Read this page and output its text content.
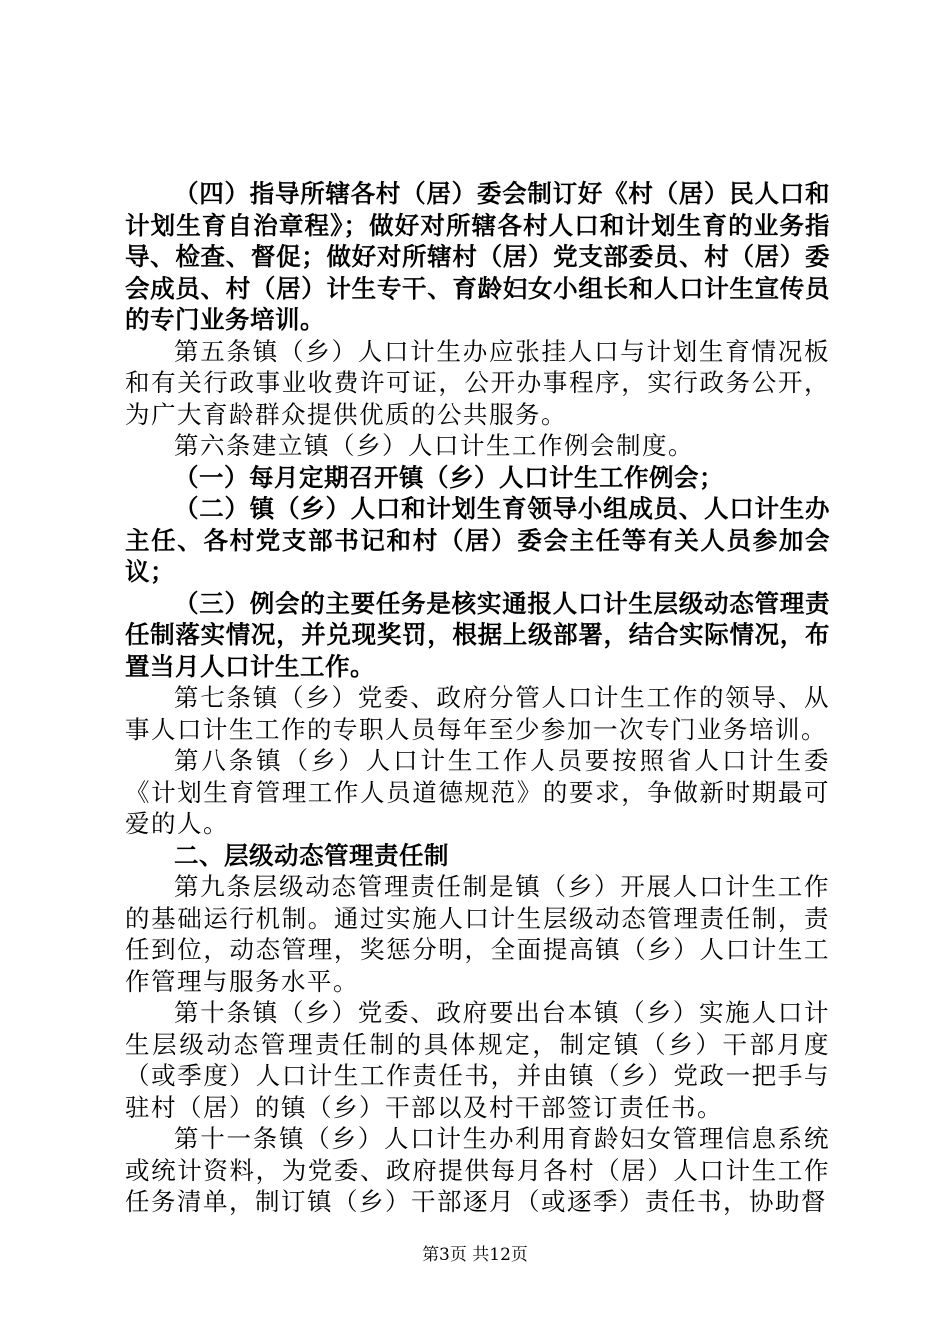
（四）指导所辖各村（居）委会制订好《村（居）民人口和计划生育自治章程》；做好对所辖各村人口和计划生育的业务指导、检查、督促；做好对所辖村（居）党支部委员、村（居）委会成员、村（居）计生专干、育龄妇女小组长和人口计生宣传员的专门业务培训。

第五条镇（乡）人口计生办应张挂人口与计划生育情况板和有关行政事业收费许可证，公开办事程序，实行政务公开，为广大育龄群众提供优质的公共服务。

第六条建立镇（乡）人口计生工作例会制度。

（一）每月定期召开镇（乡）人口计生工作例会；

（二）镇（乡）人口和计划生育领导小组成员、人口计生办主任、各村党支部书记和村（居）委会主任等有关人员参加会议；

（三）例会的主要任务是核实通报人口计生层级动态管理责任制落实情况，并兑现奖罚，根据上级部署，结合实际情况，布置当月人口计生工作。

第七条镇（乡）党委、政府分管人口计生工作的领导、从事人口计生工作的专职人员每年至少参加一次专门业务培训。

第八条镇（乡）人口计生工作人员要按照省人口计生委《计划生育管理工作人员道德规范》的要求，争做新时期最可爱的人。

二、层级动态管理责任制

第九条层级动态管理责任制是镇（乡）开展人口计生工作的基础运行机制。通过实施人口计生层级动态管理责任制，责任到位，动态管理，奖惩分明，全面提高镇（乡）人口计生工作管理与服务水平。

第十条镇（乡）党委、政府要出台本镇（乡）实施人口计生层级动态管理责任制的具体规定，制定镇（乡）干部月度（或季度）人口计生工作责任书，并由镇（乡）党政一把手与驻村（居）的镇（乡）干部以及村干部签订责任书。

第十一条镇（乡）人口计生办利用育龄妇女管理信息系统或统计资料，为党委、政府提供每月各村（居）人口计生工作任务清单，制订镇（乡）干部逐月（或逐季）责任书，协助督

第3页 共12页
